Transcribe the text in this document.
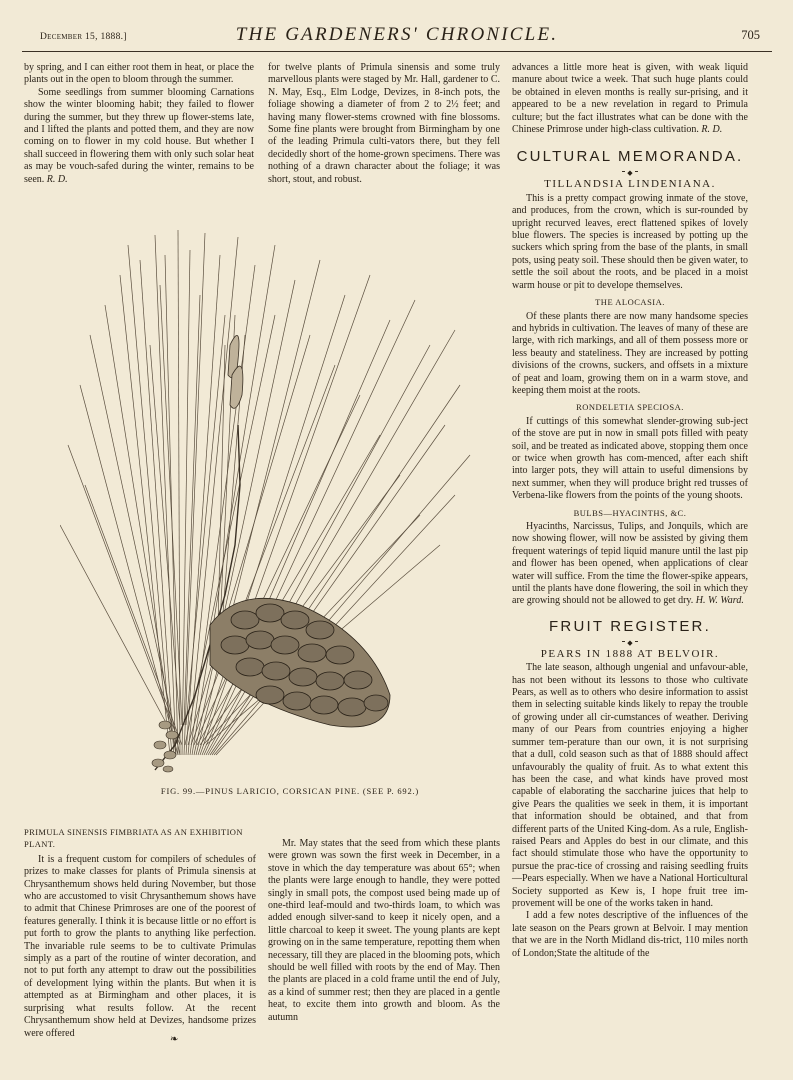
December 15, 1888.]	THE GARDENERS' CHRONICLE.	705

by spring, and I can either root them in heat, or place the plants out in the open to bloom through the summer.

Some seedlings from summer blooming Carnations show the winter blooming habit; they failed to flower during the summer, but they threw up flower-stems late, and I lifted the plants and potted them, and they are now coming on to flower in my cold house. But whether I shall succeed in flowering them with only such solar heat as may be vouch-safed during the winter, remains to be seen. R. D.

for twelve plants of Primula sinensis and some truly marvellous plants were staged by Mr. Hall, gardener to C. N. May, Esq., Elm Lodge, Devizes, in 8-inch pots, the foliage showing a diameter of from 2 to 2½ feet; and having many flower-stems crowned with fine blossoms. Some fine plants were brought from Birmingham by one of the leading Primula culti-vators there, but they fell decidedly short of the home-grown specimens. There was nothing of a drawn character about the foliage; it was short, stout, and robust.

FIG. 99.—PINUS LARICIO, CORSICAN PINE. (SEE P. 692.)
PRIMULA SINENSIS FIMBRIATA AS AN EXHIBITION PLANT.

It is a frequent custom for compilers of schedules of prizes to make classes for plants of Primula sinensis at Chrysanthemum shows held during November, but those who are accustomed to visit Chrysanthemum shows have to admit that Chinese Primroses are one of the poorest of features generally. I think it is because little or no effort is put forth to grow the plants to anything like perfection. The invariable rule seems to be to cultivate Primulas simply as a part of the routine of winter decoration, and not to put forth any attempt to draw out the possibilities of development lying within the plants. But when it is attempted as at Birmingham and other places, it is surprising what results follow. At the recent Chrysanthemum show held at Devizes, handsome prizes were offered

Mr. May states that the seed from which these plants were grown was sown the first week in December, in a stove in which the day temperature was about 65°; when the plants were large enough to handle, they were potted singly in small pots, the compost used being made up of one-third leaf-mould and two-thirds loam, to which was added enough silver-sand to keep it nicely open, and a little charcoal to keep it sweet. The young plants are kept growing on in the same temperature, repotting them when necessary, till they are placed in the blooming pots, which should be well filled with roots by the end of May. Then the plants are placed in a cold frame until the end of July, as a kind of summer rest; then they are placed in a gentle heat, to excite them into growth and bloom. As the autumn

advances a little more heat is given, with weak liquid manure about twice a week. That such huge plants could be obtained in eleven months is really sur-prising, and it appeared to be a new revelation in regard to Primula culture; but the fact illustrates what can be done with the Chinese Primrose under high-class cultivation. R. D.

CULTURAL MEMORANDA.
◆
TILLANDSIA LINDENIANA.

This is a pretty compact growing inmate of the stove, and produces, from the crown, which is sur-rounded by upright recurved leaves, erect flattened spikes of lovely blue flowers. The species is increased by potting up the suckers which spring from the base of the plants, in small pots, using peaty soil. These should then be given water, to settle the soil about the roots, and be placed in a moist warm house or pit to develope themselves.

THE ALOCASIA.

Of these plants there are now many handsome species and hybrids in cultivation. The leaves of many of these are large, with rich markings, and all of them possess more or less beauty and stateliness. They are increased by potting divisions of the crowns, suckers, and offsets in a mixture of peat and loam, growing them on in a warm stove, and keeping them moist at the roots.

RONDELETIA SPECIOSA.

If cuttings of this somewhat slender-growing sub-ject of the stove are put in now in small pots filled with peaty soil, and be treated as indicated above, stopping them once or twice when growth has com-menced, after each shift into larger pots, they will attain to useful dimensions by next summer, when they will produce bright red trusses of Verbena-like flowers from the points of the young shoots.

BULBS—HYACINTHS, &C.

Hyacinths, Narcissus, Tulips, and Jonquils, which are now showing flower, will now be assisted by giving them frequent waterings of tepid liquid manure until the last pip and flower has been opened, when applications of clear water will suffice. From the time the flower-spike appears, until the plants have done flowering, the soil in which they are growing should not be allowed to get dry. H. W. Ward.

FRUIT REGISTER.
◆
PEARS IN 1888 AT BELVOIR.

The late season, although ungenial and unfavour-able, has not been without its lessons to those who cultivate Pears, as well as to others who desire information to assist them in selecting suitable kinds likely to repay the trouble of growing under all cir-cumstances of weather. Deriving many of our Pears from countries enjoying a higher summer tem-perature than our own, it is not surprising that a dull, cold season such as that of 1888 should affect unfavourably the quality of fruit. As to what extent this has been the case, and what kinds have proved most capable of elaborating the saccharine juices that help to give Pears the qualities we seek in them, it is important that information should be obtained, and that from different parts of the United King-dom. As a rule, English-raised Pears and Apples do best in our climate, and this fact should stimulate those who have the opportunity to pursue the prac-tice of crossing and raising seedling fruits—Pears especially. When we have a National Horticultural Society supported as Kew is, I hope fruit tree im-provement will be one of the works taken in hand.

I add a few notes descriptive of the influences of the late season on the Pears grown at Belvoir. I may mention that we are in the North Midland dis-trict, 110 miles north of London;State the altitude of the

❧
